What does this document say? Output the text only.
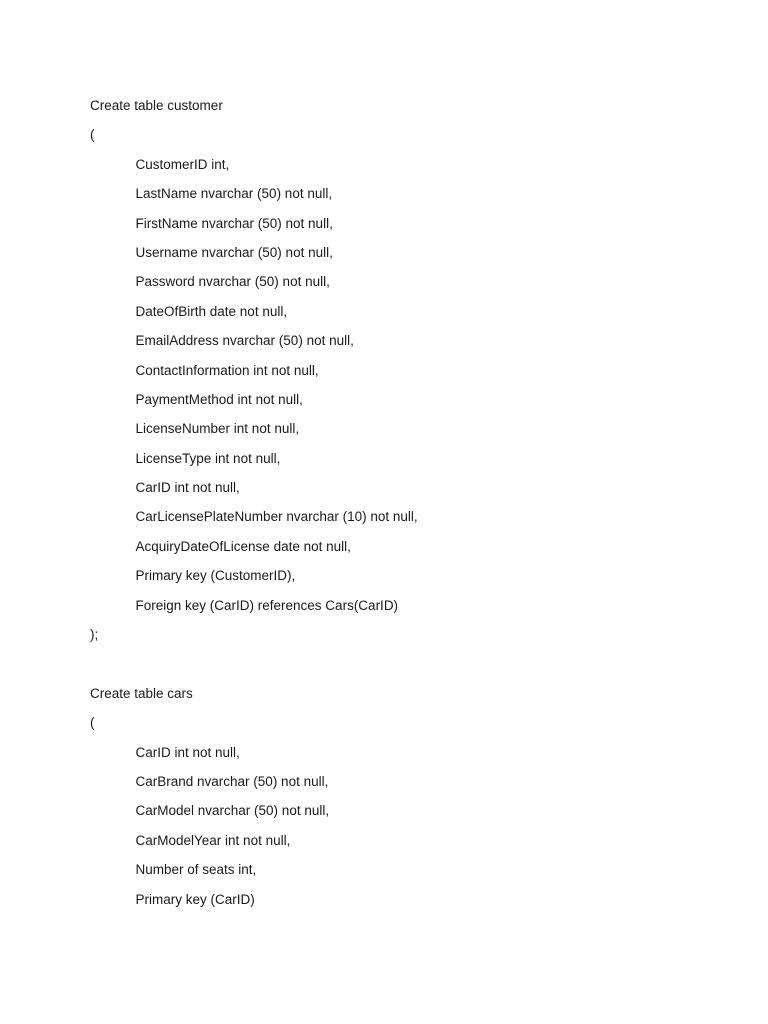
Create table customer
(
CustomerID int,
LastName nvarchar (50) not null,
FirstName nvarchar (50) not null,
Username nvarchar (50) not null,
Password nvarchar (50) not null,
DateOfBirth date not null,
EmailAddress nvarchar (50) not null,
ContactInformation int not null,
PaymentMethod int not null,
LicenseNumber int not null,
LicenseType int not null,
CarID int not null,
CarLicensePlateNumber nvarchar (10) not null,
AcquiryDateOfLicense date not null,
Primary key (CustomerID),
Foreign key (CarID) references Cars(CarID)
);
Create table cars
(
CarID int not null,
CarBrand nvarchar (50) not null,
CarModel nvarchar (50) not null,
CarModelYear int not null,
Number of seats int,
Primary key (CarID)
